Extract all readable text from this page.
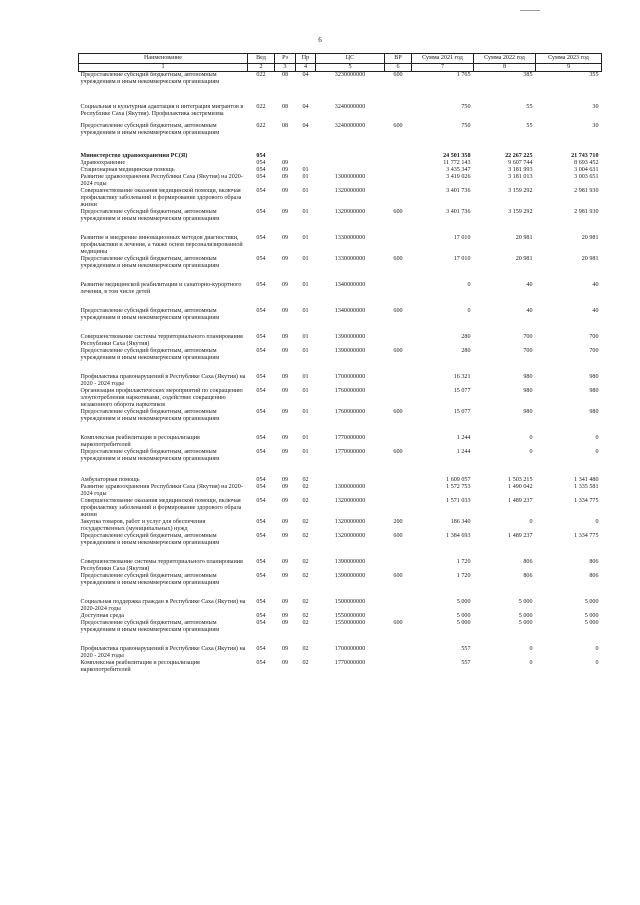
6
Наименование	Вед	Рз	Пр	ЦС	ВР	Сумма 2021 год	Сумма 2022 год	Сумма 2023 год
1	2	3	4	5	6	7	8	9
Предоставление субсидий бюджетным, автономным учреждениям и иным некоммерческим организациям	022	08	04	3230000000	600	1 765	385	355

Социальная и культурная адаптация и интеграция мигрантов в Республике Саха (Якутия). Профилактика экстремизма	022	08	04	3240000000		750	55	30

Предоставление субсидий бюджетным, автономным учреждениям и иным некоммерческим организациям	022	08	04	3240000000	600	750	55	30

Министерство здравоохранения РС(Я)	054					24 501 358	22 267 225	21 743 710
Здравоохранение	054	09				11 772 143	9 607 744	8 693 452
Стационарная медицинская помощь	054	09	01			3 435 347	3 181 993	3 004 631
Развитие здравоохранения Республики Саха (Якутия) на 2020-2024 годы	054	09	01	1300000000		3 419 026	3 181 013	3 003 651
Совершенствование оказания медицинской помощи, включая профилактику заболеваний и формирование здорового образа жизни	054	09	01	1320000000		3 401 736	3 159 292	2 981 930
Предоставление субсидий бюджетным, автономным учреждениям и иным некоммерческим организациям	054	09	01	1320000000	600	3 401 736	3 159 292	2 981 930

Развитие и внедрение инновационных методов диагностики, профилактики и лечения, а также основ персонализированной медицины	054	09	01	1330000000		17 010	20 981	20 981
Предоставление субсидий бюджетным, автономным учреждениям и иным некоммерческим организациям	054	09	01	1330000000	600	17 010	20 981	20 981

Развитие медицинской реабилитации и санаторно-курортного лечения, в том числе детей	054	09	01	1340000000		0	40	40

Предоставление субсидий бюджетным, автономным учреждениям и иным некоммерческим организациям	054	09	01	1340000000	600	0	40	40

Совершенствование системы территориального планирования Республики Саха (Якутия)	054	09	01	1390000000		280	700	700
Предоставление субсидий бюджетным, автономным учреждениям и иным некоммерческим организациям	054	09	01	1390000000	600	280	700	700

Профилактика правонарушений в Республике Саха (Якутия) на 2020 - 2024 годы	054	09	01	1700000000		16 321	980	980
Организация профилактических мероприятий по сокращению злоупотребления наркотиками, содействие сокращению незаконного оборота наркотиков	054	09	01	1760000000		15 077	980	980
Предоставление субсидий бюджетным, автономным учреждениям и иным некоммерческим организациям	054	09	01	1760000000	600	15 077	980	980

Комплексная реабилитация и ресоциализация наркопотребителей	054	09	01	1770000000		1 244	0	0
Предоставление субсидий бюджетным, автономным учреждениям и иным некоммерческим организациям	054	09	01	1770000000	600	1 244	0	0

Амбулаторная помощь	054	09	02			1 609 057	1 503 215	1 341 480
Развитие здравоохранения Республики Саха (Якутия) на 2020-2024 годы	054	09	02	1300000000		1 572 753	1 490 042	1 335 581
Совершенствование оказания медицинской помощи, включая профилактику заболеваний и формирование здорового образа жизни	054	09	02	1320000000		1 571 033	1 489 237	1 334 775
Закупка товаров, работ и услуг для обеспечения государственных (муниципальных) нужд	054	09	02	1320000000	200	186 340	0	0
Предоставление субсидий бюджетным, автономным учреждениям и иным некоммерческим организациям	054	09	02	1320000000	600	1 384 693	1 489 237	1 334 775

Совершенствование системы территориального планирования Республики Саха (Якутия)	054	09	02	1390000000		1 720	806	806
Предоставление субсидий бюджетным, автономным учреждениям и иным некоммерческим организациям	054	09	02	1390000000	600	1 720	806	806

Социальная поддержка граждан в Республике Саха (Якутия) на 2020-2024 годы	054	09	02	1500000000		5 000	5 000	5 000
Доступная среда	054	09	02	1550000000		5 000	5 000	5 000
Предоставление субсидий бюджетным, автономным учреждениям и иным некоммерческим организациям	054	09	02	1550000000	600	5 000	5 000	5 000

Профилактика правонарушений в Республике Саха (Якутия) на 2020 - 2024 годы	054	09	02	1700000000		557	0	0
Комплексная реабилитация и ресоциализация наркопотребителей	054	09	02	1770000000		557	0	0
